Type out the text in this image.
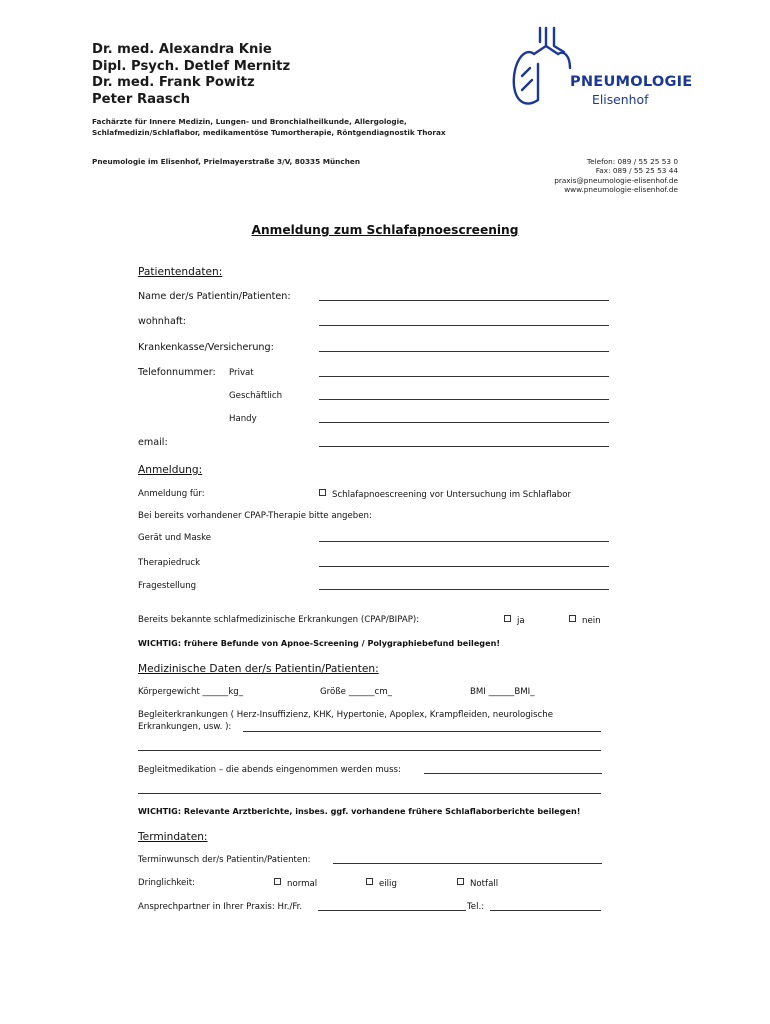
Dr. med. Alexandra Knie
Dipl. Psych. Detlef Mernitz
Dr. med. Frank Powitz
Peter Raasch
PNEUMOLOGIE
Elisenhof
Fachärzte für Innere Medizin, Lungen- und Bronchialheilkunde, Allergologie,
Schlafmedizin/Schlaflabor, medikamentöse Tumortherapie, Röntgendiagnostik Thorax
Pneumologie im Elisenhof, Prielmayerstraße 3/V, 80335 München	Telefon: 089 / 55 25 53 0
Fax: 089 / 55 25 53 44
praxis@pneumologie-elisenhof.de
www.pneumologie-elisenhof.de
Anmeldung zum Schlafapnoescreening
Patientendaten:
Name der/s Patientin/Patienten:
wohnhaft:
Krankenkasse/Versicherung:
Telefonnummer: Privat
Geschäftlich
Handy
email:
Anmeldung:
Anmeldung für:	Schlafapnoescreening vor Untersuchung im Schlaflabor
Bei bereits vorhandener CPAP-Therapie bitte angeben:
Gerät und Maske
Therapiedruck
Fragestellung
Bereits bekannte schlafmedizinische Erkrankungen (CPAP/BIPAP):	ja	nein
WICHTIG: frühere Befunde von Apnoe-Screening / Polygraphiebefund beilegen!
Medizinische Daten der/s Patientin/Patienten:
Körpergewicht ______kg_	Größe ______cm_	BMI ______BMI_
Begleiterkrankungen ( Herz-Insuffizienz, KHK, Hypertonie, Apoplex, Krampfleiden, neurologische
Erkrankungen, usw. ):
Begleitmedikation – die abends eingenommen werden muss:
WICHTIG: Relevante Arztberichte, insbes. ggf. vorhandene frühere Schlaflaborberichte beilegen!
Termindaten:
Terminwunsch der/s Patientin/Patienten:
Dringlichkeit:	normal	eilig	Notfall
Ansprechpartner in Ihrer Praxis: Hr./Fr.	Tel.:
